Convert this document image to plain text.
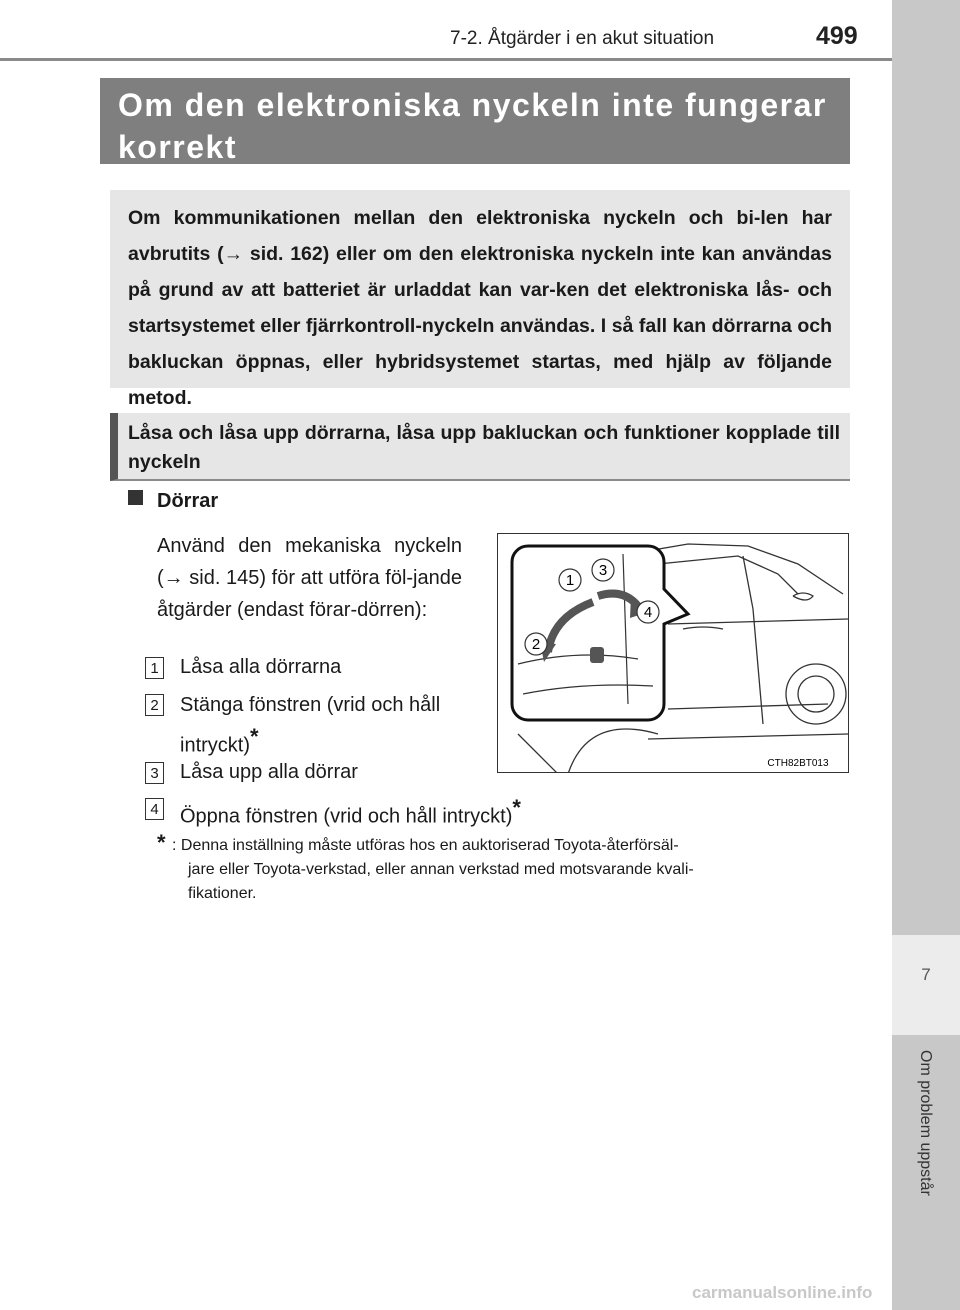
7
Om problem uppstår
7-2. Åtgärder i en akut situation	499
Om den elektroniska nyckeln inte fungerar
korrekt
Om kommunikationen mellan den elektroniska nyckeln och bi-len har avbrutits (→ sid. 162) eller om den elektroniska nyckeln inte kan användas på grund av att batteriet är urladdat kan var-ken det elektroniska lås- och startsystemet eller fjärrkontroll-nyckeln användas. I så fall kan dörrarna och bakluckan öppnas, eller hybridsystemet startas, med hjälp av följande metod.
Låsa och låsa upp dörrarna, låsa upp bakluckan och funktioner kopplade till nyckeln
Dörrar
Använd den mekaniska nyckeln (→ sid. 145) för att utföra föl-jande åtgärder (endast förar-dörren):
1 Låsa alla dörrarna
2 Stänga fönstren (vrid och håll
intryckt)*
3 Låsa upp alla dörrar
4 Öppna fönstren (vrid och håll intryckt)*
1
3
4
2
CTH82BT013
* : Denna inställning måste utföras hos en auktoriserad Toyota-återförsäl-
jare eller Toyota-verkstad, eller annan verkstad med motsvarande kvali-
fikationer.
carmanualsonline.info
